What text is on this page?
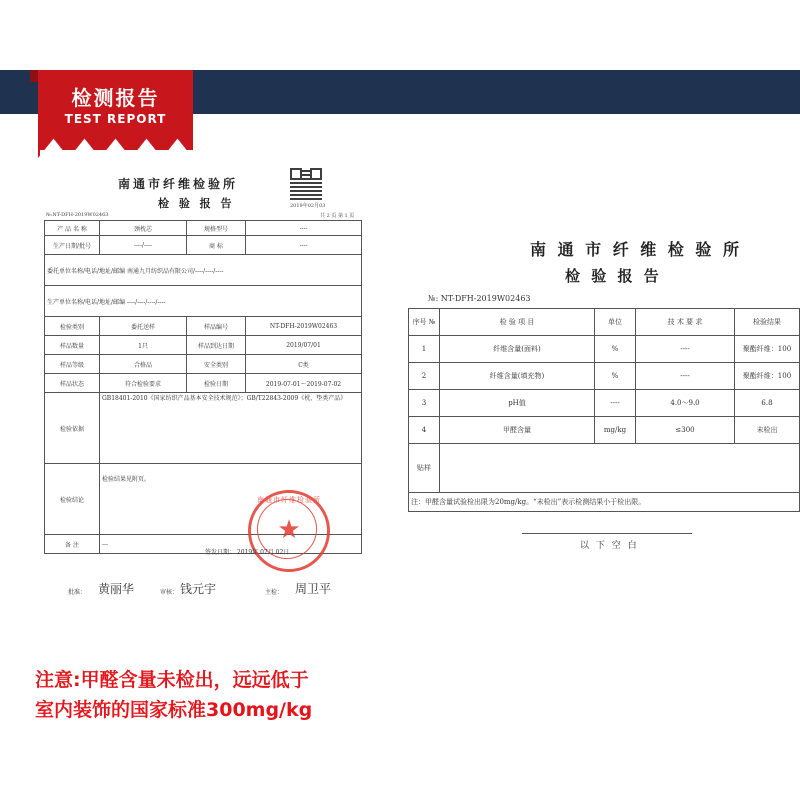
检测报告
TEST REPORT
南通市纤维检验所
检 验 报 告	2019年02月03
共 2 页 第 1 页
№:NT-DFH-2019W02463
产 品 名 称	颈枕芯	规格型号	----
生产日期/批号	----/----	商 标	----
委托单位名称/电话/地址/邮编 南通九月纺织品有限公司/----/----/----			
生产单位名称/电话/地址/邮编 ----/----/----/----			
检验类别	委托送样	样品编号	NT-DFH-2019W02463
样品数量	1只	样品到达日期	2019/07/01
样品等级	合格品	安全类别	C类
样品状态	符合检验要求	检验日期	2019-07-01～2019-07-02
检验依据	GB18401-2010《国家纺织产品基本安全技术规范》；GB/T22843-2009《枕、垫类产品》		
检验结论	检验结果见附页。		
备 注	---		
南通市纤维检验所
★
签发日期： 2019年 07月 02日
批准： 黄丽华	审核： 钱元宇	主检： 周卫平
南 通 市 纤 维 检 验 所
检 验 报 告
№: NT-DFH-2019W02463
序号 №	检 验 项 目	单位	技 术 要 求	检验结果
1	纤维含量(面料)	%	----	聚酯纤维：100
2	纤维含量(填充物)	%	----	聚酯纤维：100
3	pH值	----	4.0～9.0	6.8
4	甲醛含量	mg/kg	≤300	未检出
贴样				
注：甲醛含量试验检出限为20mg/kg。“未检出”表示检测结果小于检出限。				
以 下 空 白
注意:甲醛含量未检出，远远低于
室内装饰的国家标准300mg/kg
